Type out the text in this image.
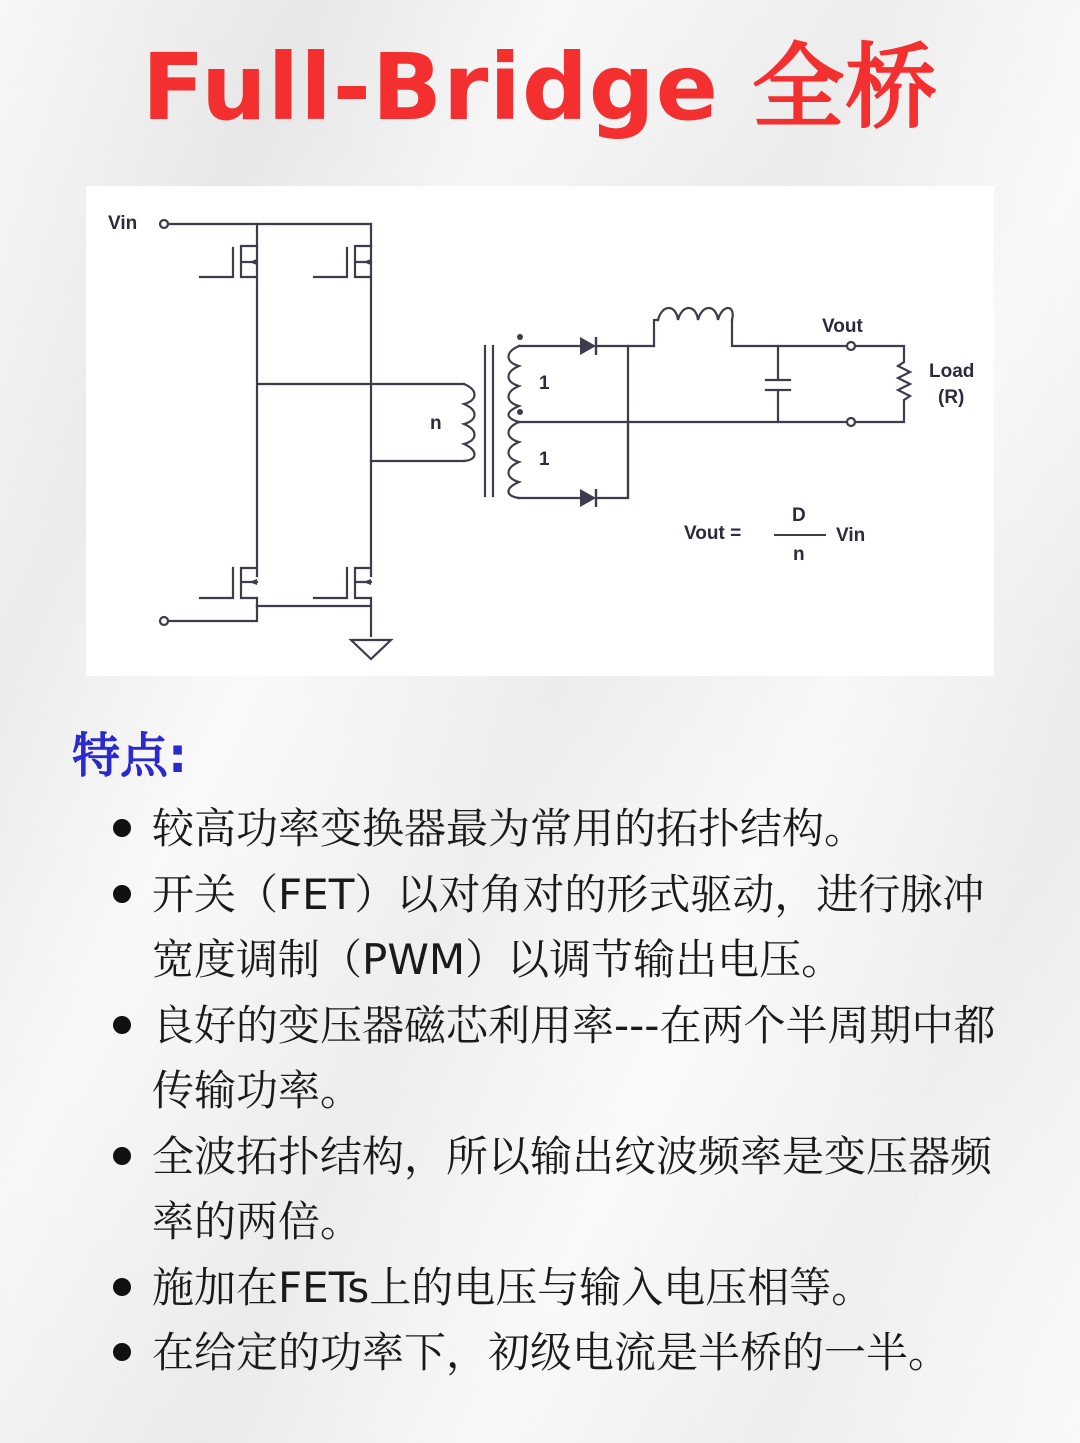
Full-Bridge 全桥
Vin
n
1
1
Vout
Load
(R)
Vout =
D
n
Vin
特点:
较高功率变换器最为常用的拓扑结构。
开关（FET）以对角对的形式驱动，进行脉冲宽度调制（PWM）以调节输出电压。
良好的变压器磁芯利用率---在两个半周期中都传输功率。
全波拓扑结构，所以输出纹波频率是变压器频率的两倍。
施加在FETs上的电压与输入电压相等。
在给定的功率下，初级电流是半桥的一半。
